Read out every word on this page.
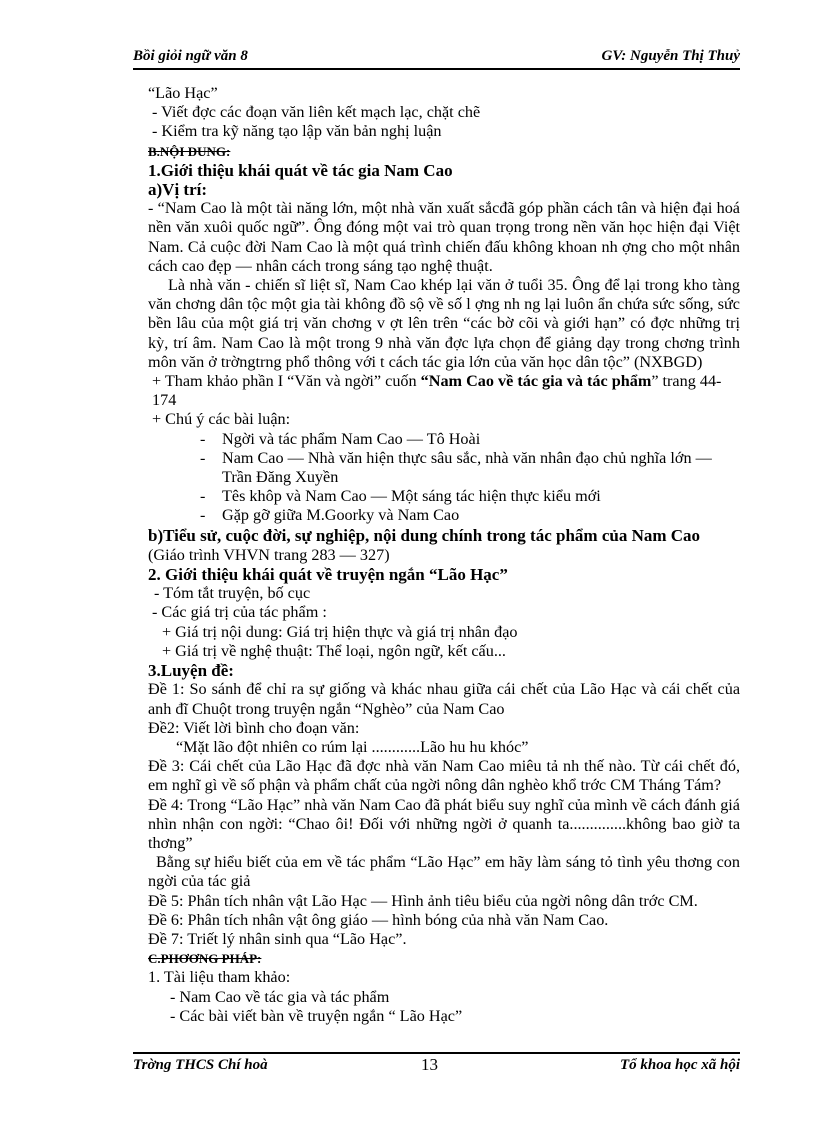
Bồi giỏi ngữ văn 8	GV: Nguyễn Thị Thuỷ

“Lão Hạc”

- Viết đợc các đoạn văn liên kết mạch lạc, chặt chẽ

- Kiểm tra kỹ năng tạo lập văn bản nghị luận

B.NỘI DUNG:

1.Giới thiệu khái quát về tác gia Nam Cao

a)Vị trí:

- “Nam Cao là một tài năng lớn, một nhà văn xuất sắcđã góp phần cách tân và hiện đại hoá nền văn xuôi quốc ngữ”. Ông đóng một vai trò quan trọng trong nền văn học hiện đại Việt Nam. Cả cuộc đời Nam Cao là một quá trình chiến đấu không khoan nh ợng cho một nhân cách cao đẹp — nhân cách trong sáng tạo nghệ thuật.

Là nhà văn - chiến sĩ liệt sĩ, Nam Cao khép lại văn ở tuổi 35. Ông để lại trong kho tàng văn chơng dân tộc một gia tài không đồ sộ về số l ợng nh ng lại luôn ẩn chứa sức sống, sức bền lâu của một giá trị văn chơng v ợt lên trên “các bờ cõi và giới hạn” có đợc những trị kỳ, trí âm. Nam Cao là một trong 9 nhà văn đợc lựa chọn để giảng dạy trong chơng trình môn văn ở trờngtrng phổ thông với t cách tác gia lớn của văn học dân tộc” (NXBGD)

+ Tham khảo phần I “Văn và ngời” cuốn “Nam Cao về tác gia và tác phẩm” trang 44-174

+ Chú ý các bài luận:

-	Ngời và tác phẩm Nam Cao — Tô Hoài

-	Nam Cao — Nhà văn hiện thực sâu sắc, nhà văn nhân đạo chủ nghĩa lớn — Trần Đăng Xuyền

-	Tês khôp và Nam Cao — Một sáng tác hiện thực kiểu mới

-	Gặp gỡ giữa M.Goorky và Nam Cao

b)Tiểu sử, cuộc đời, sự nghiệp, nội dung chính trong tác phẩm của Nam Cao (Giáo trình VHVN trang 283 — 327)

2. Giới thiệu khái quát về truyện ngắn “Lão Hạc”

- Tóm tắt truyện, bố cục

- Các giá trị của tác phẩm :

+ Giá trị nội dung: Giá trị hiện thực và giá trị nhân đạo

+ Giá trị về nghệ thuật: Thể loại, ngôn ngữ, kết cấu...

3.Luyện đề:

Đề 1: So sánh để chỉ ra sự giống và khác nhau giữa cái chết của Lão Hạc và cái chết của anh đĩ Chuột trong truyện ngắn “Nghèo” của Nam Cao

Đề2: Viết lời bình cho đoạn văn:

“Mặt lão đột nhiên co rúm lại ............Lão hu hu khóc”

Đề 3: Cái chết của Lão Hạc đã đợc nhà văn Nam Cao miêu tả nh thế nào. Từ cái chết đó, em nghĩ gì về số phận và phẩm chất của ngời nông dân nghèo khổ trớc CM Tháng Tám?

Đề 4: Trong “Lão Hạc” nhà văn Nam Cao đã phát biểu suy nghĩ của mình về cách đánh giá nhìn nhận con ngời: “Chao ôi! Đối với những ngời ở quanh ta..............không bao giờ ta thơng”

Bằng sự hiểu biết của em về tác phẩm “Lão Hạc” em hãy làm sáng tỏ tình yêu thơng con ngời của tác giả

Đề 5: Phân tích nhân vật Lão Hạc — Hình ảnh tiêu biểu của ngời nông dân trớc CM.

Đề 6: Phân tích nhân vật ông giáo — hình bóng của nhà văn Nam Cao.

Đề 7: Triết lý nhân sinh qua “Lão Hạc”.

C.PHƠƠNG PHÁP:

1. Tài liệu tham khảo:

- Nam Cao về tác gia và tác phẩm

- Các bài viết bàn về truyện ngắn “ Lão Hạc”

Trờng THCS Chí hoà	13	Tổ khoa học xã hội
